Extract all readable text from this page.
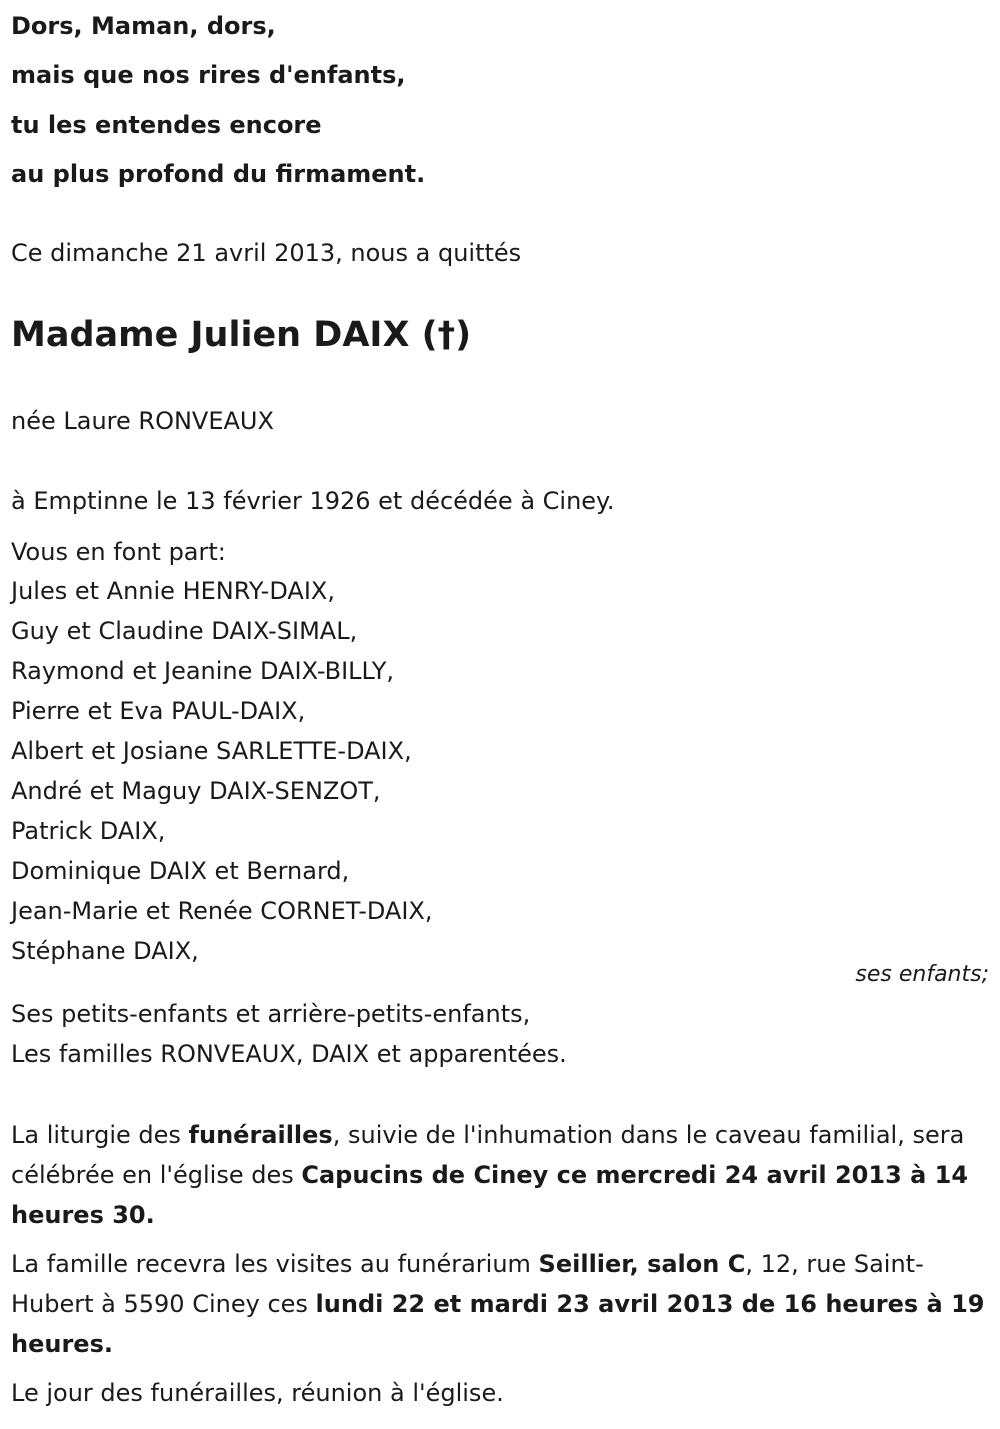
Dors, Maman, dors,
mais que nos rires d'enfants,
tu les entendes encore
au plus profond du firmament.
Ce dimanche 21 avril 2013, nous a quittés
Madame Julien DAIX (†)
née Laure RONVEAUX
à Emptinne le 13 février 1926 et décédée à Ciney.
Vous en font part:
Jules et Annie HENRY-DAIX,
Guy et Claudine DAIX-SIMAL,
Raymond et Jeanine DAIX-BILLY,
Pierre et Eva PAUL-DAIX,
Albert et Josiane SARLETTE-DAIX,
André et Maguy DAIX-SENZOT,
Patrick DAIX,
Dominique DAIX et Bernard,
Jean-Marie et Renée CORNET-DAIX,
Stéphane DAIX,
ses enfants;
Ses petits-enfants et arrière-petits-enfants,
Les familles RONVEAUX, DAIX et apparentées.
La liturgie des funérailles, suivie de l'inhumation dans le caveau familial, sera célébrée en l'église des Capucins de Ciney ce mercredi 24 avril 2013 à 14 heures 30.
La famille recevra les visites au funérarium Seillier, salon C, 12, rue Saint-Hubert à 5590 Ciney ces lundi 22 et mardi 23 avril 2013 de 16 heures à 19 heures.
Le jour des funérailles, réunion à l'église.
